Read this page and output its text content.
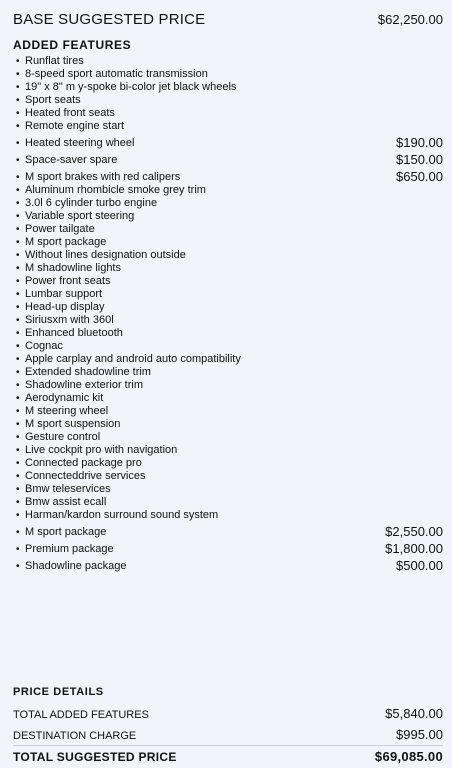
BASE SUGGESTED PRICE	$62,250.00
ADDED FEATURES
• Runflat tires
• 8-speed sport automatic transmission
• 19" x 8" m y-spoke bi-color jet black wheels
• Sport seats
• Heated front seats
• Remote engine start
• Heated steering wheel	$190.00
• Space-saver spare	$150.00
• M sport brakes with red calipers	$650.00
• Aluminum rhombicle smoke grey trim
• 3.0l 6 cylinder turbo engine
• Variable sport steering
• Power tailgate
• M sport package
• Without lines designation outside
• M shadowline lights
• Power front seats
• Lumbar support
• Head-up display
• Siriusxm with 360l
• Enhanced bluetooth
• Cognac
• Apple carplay and android auto compatibility
• Extended shadowline trim
• Shadowline exterior trim
• Aerodynamic kit
• M steering wheel
• M sport suspension
• Gesture control
• Live cockpit pro with navigation
• Connected package pro
• Connecteddrive services
• Bmw teleservices
• Bmw assist ecall
• Harman/kardon surround sound system
• M sport package	$2,550.00
• Premium package	$1,800.00
• Shadowline package	$500.00
PRICE DETAILS
TOTAL ADDED FEATURES	$5,840.00
DESTINATION CHARGE	$995.00
TOTAL SUGGESTED PRICE	$69,085.00
